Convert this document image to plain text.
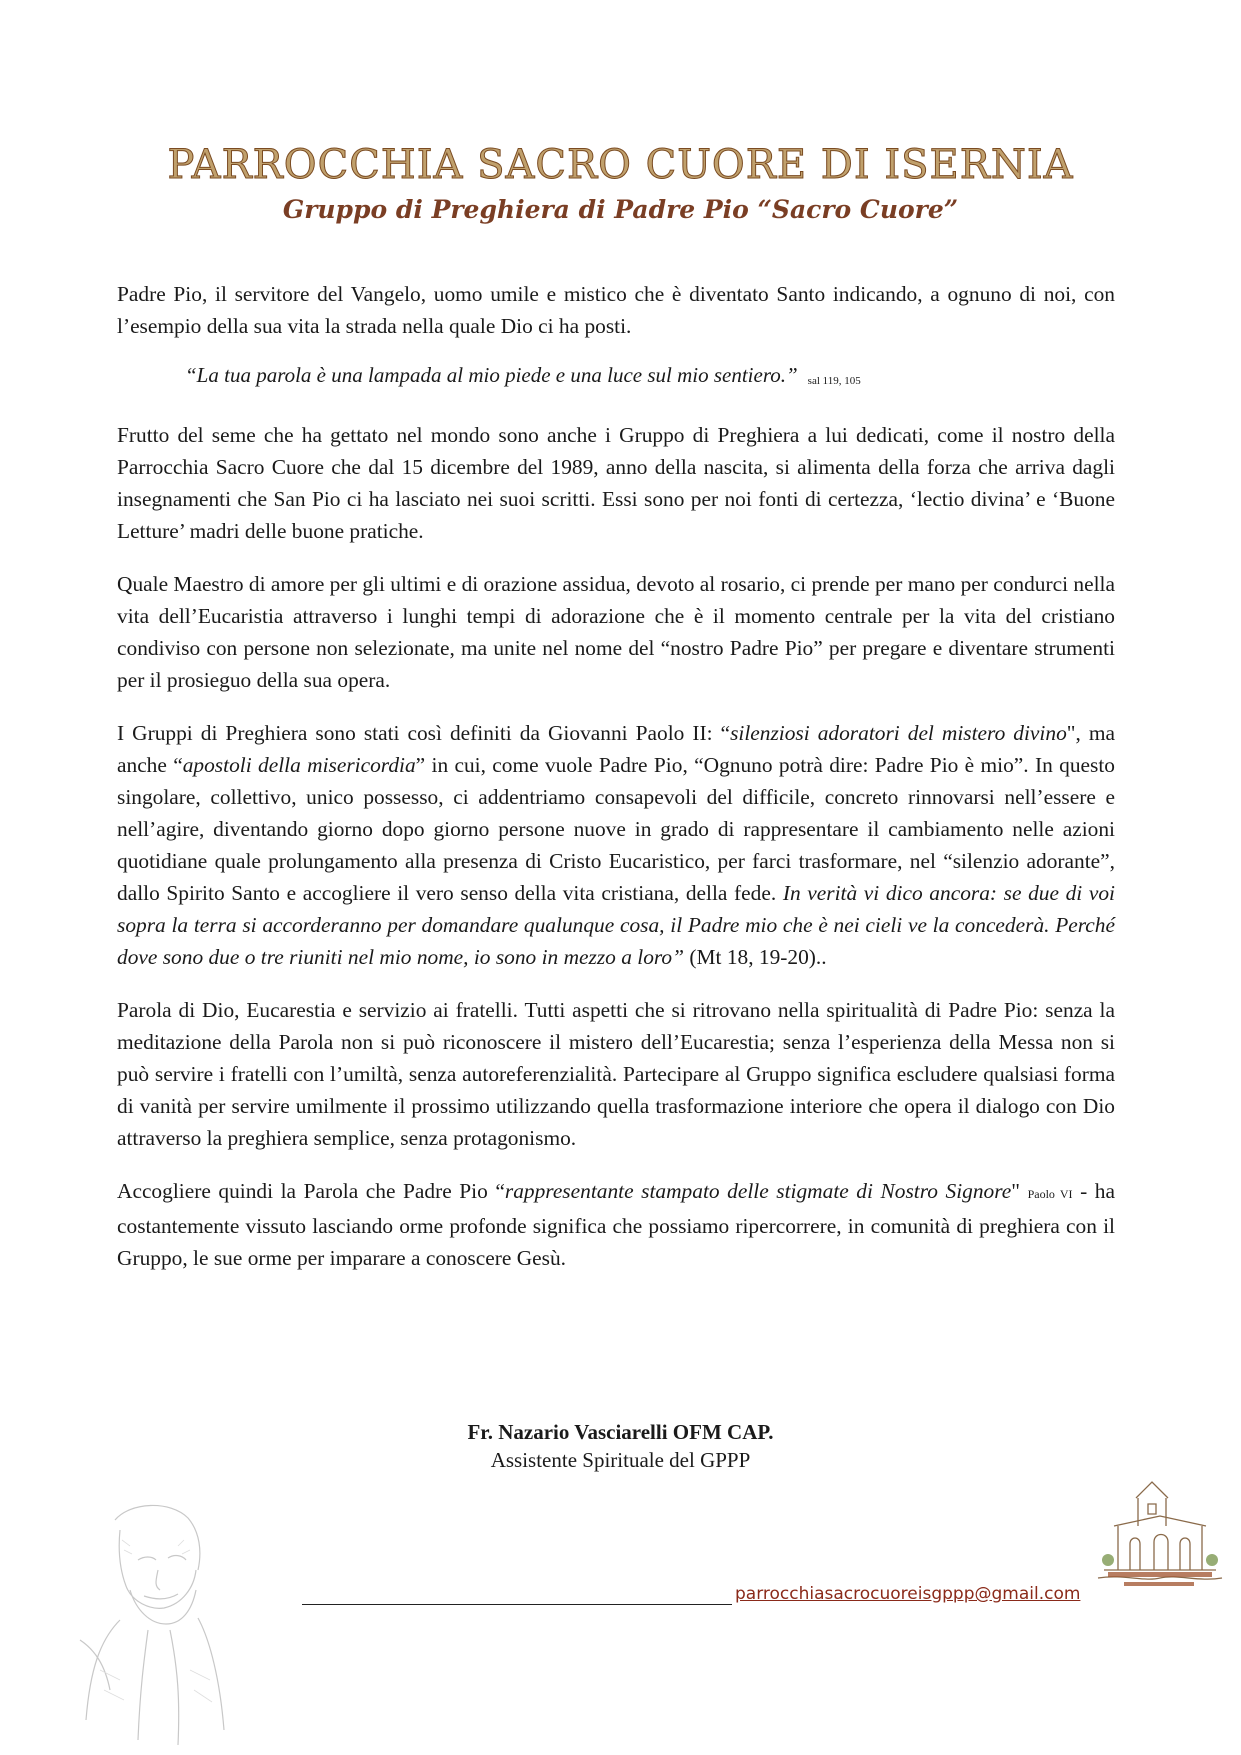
PARROCCHIA SACRO CUORE DI ISERNIA
Gruppo di Preghiera di Padre Pio “Sacro Cuore”

Padre Pio, il servitore del Vangelo, uomo umile e mistico che è diventato Santo indicando, a ognuno di noi, con l’esempio della sua vita la strada nella quale Dio ci ha posti.

“La tua parola è una lampada al mio piede e una luce sul mio sentiero.” sal 119, 105

Frutto del seme che ha gettato nel mondo sono anche i Gruppo di Preghiera a lui dedicati, come il nostro della Parrocchia Sacro Cuore che dal 15 dicembre del 1989, anno della nascita, si alimenta della forza che arriva dagli insegnamenti che San Pio ci ha lasciato nei suoi scritti. Essi sono per noi fonti di certezza, ‘lectio divina’ e ‘Buone Letture’ madri delle buone pratiche.

Quale Maestro di amore per gli ultimi e di orazione assidua, devoto al rosario, ci prende per mano per condurci nella vita dell’Eucaristia attraverso i lunghi tempi di adorazione che è il momento centrale per la vita del cristiano condiviso con persone non selezionate, ma unite nel nome del “nostro Padre Pio” per pregare e diventare strumenti per il prosieguo della sua opera.

I Gruppi di Preghiera sono stati così definiti da Giovanni Paolo II: “silenziosi adoratori del mistero divino", ma anche “apostoli della misericordia” in cui, come vuole Padre Pio, “Ognuno potrà dire: Padre Pio è mio”. In questo singolare, collettivo, unico possesso, ci addentriamo consapevoli del difficile, concreto rinnovarsi nell’essere e nell’agire, diventando giorno dopo giorno persone nuove in grado di rappresentare il cambiamento nelle azioni quotidiane quale prolungamento alla presenza di Cristo Eucaristico, per farci trasformare, nel “silenzio adorante”, dallo Spirito Santo e accogliere il vero senso della vita cristiana, della fede. In verità vi dico ancora: se due di voi sopra la terra si accorderanno per domandare qualunque cosa, il Padre mio che è nei cieli ve la concederà. Perché dove sono due o tre riuniti nel mio nome, io sono in mezzo a loro” (Mt 18, 19-20)..

Parola di Dio, Eucarestia e servizio ai fratelli. Tutti aspetti che si ritrovano nella spiritualità di Padre Pio: senza la meditazione della Parola non si può riconoscere il mistero dell’Eucarestia; senza l’esperienza della Messa non si può servire i fratelli con l’umiltà, senza autoreferenzialità. Partecipare al Gruppo significa escludere qualsiasi forma di vanità per servire umilmente il prossimo utilizzando quella trasformazione interiore che opera il dialogo con Dio attraverso la preghiera semplice, senza protagonismo.

Accogliere quindi la Parola che Padre Pio “rappresentante stampato delle stigmate di Nostro Signore" Paolo VI - ha costantemente vissuto lasciando orme profonde significa che possiamo ripercorrere, in comunità di preghiera con il Gruppo, le sue orme per imparare a conoscere Gesù.

Fr. Nazario Vasciarelli OFM CAP.
Assistente Spirituale del GPPP
parrocchiasacrocuoreisgppp@gmail.com
